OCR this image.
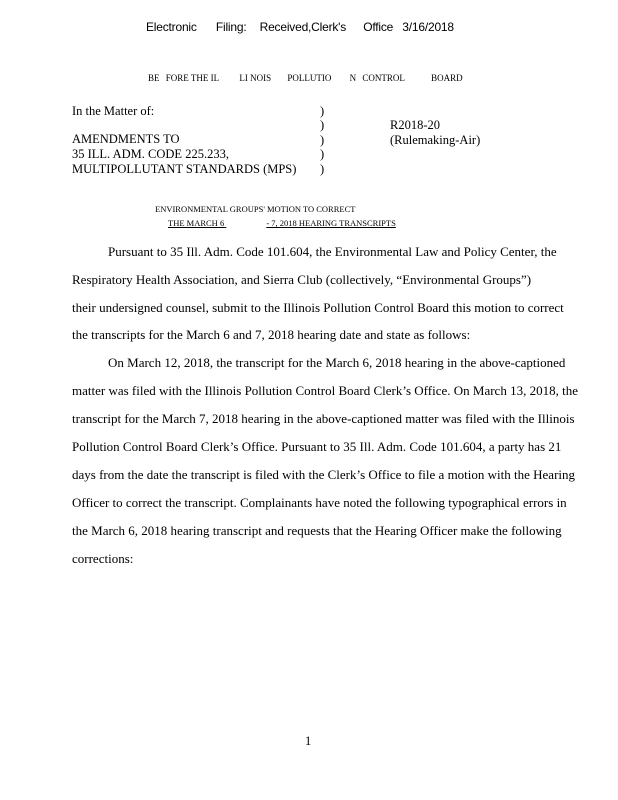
Electronic Filing: Received,Clerk's Office 3/16/2018
BE FORE THE IL LI NOIS POLLUTIO N CONTROL	BOARD
In the Matter of:
AMENDMENTS TO
35 ILL. ADM. CODE 225.233,
MULTIPOLLUTANT STANDARDS (MPS)
)
)
)
)
)
R2018-20
(Rulemaking-Air)
ENVIRONMENTAL GROUPS' MOTION TO CORRECT
THE MARCH 6	- 7, 2018 HEARING TRANSCRIPTS
Pursuant to 35 Ill. Adm. Code 101.604, the Environmental Law and Policy Center, the
Respiratory Health Association, and Sierra Club (collectively, “Environmental Groups”)
their undersigned counsel, submit to the Illinois Pollution Control Board this motion to correct
the transcripts for the March 6 and 7, 2018 hearing date and state as follows:
On March 12, 2018, the transcript for the March 6, 2018 hearing in the above-captioned
matter was filed with the Illinois Pollution Control Board Clerk’s Office. On March 13, 2018, the
transcript for the March 7, 2018 hearing in the above-captioned matter was filed with the Illinois
Pollution Control Board Clerk’s Office. Pursuant to 35 Ill. Adm. Code 101.604, a party has 21
days from the date the transcript is filed with the Clerk’s Office to file a motion with the Hearing
Officer to correct the transcript. Complainants have noted the following typographical errors in
the March 6, 2018 hearing transcript and requests that the Hearing Officer make the following
corrections:
1
